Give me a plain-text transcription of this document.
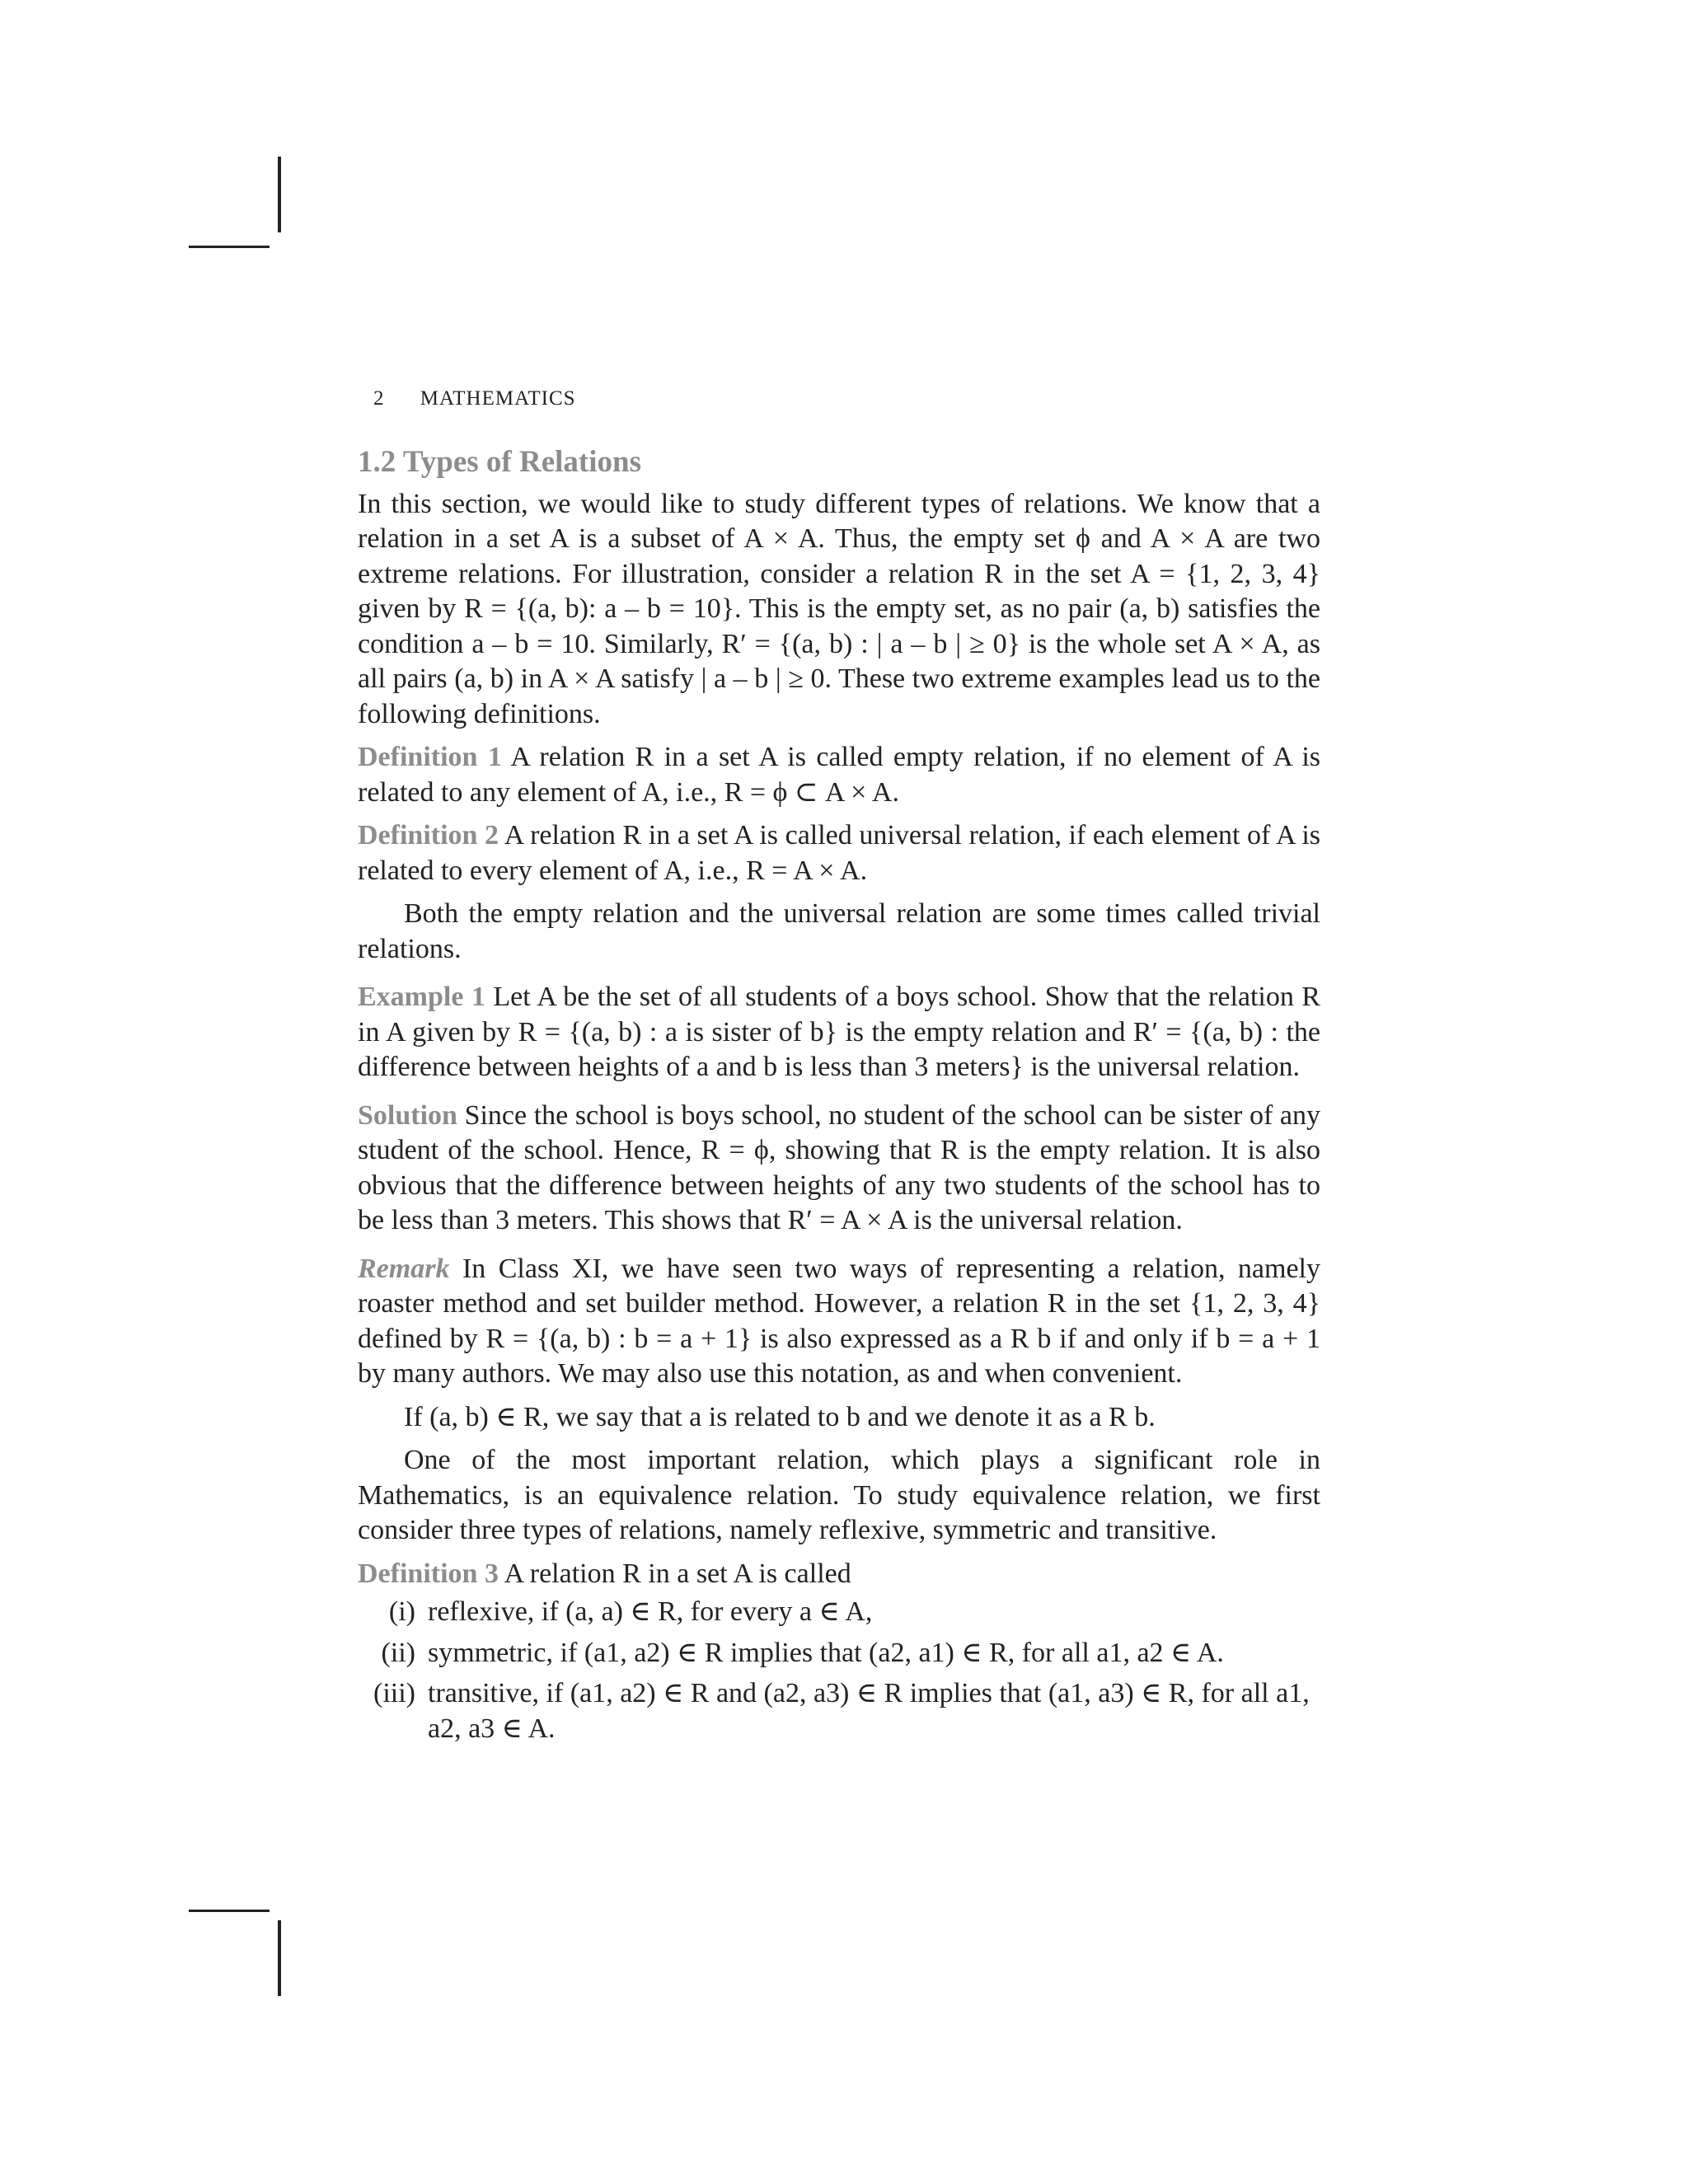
2 MATHEMATICS
1.2 Types of Relations

In this section, we would like to study different types of relations. We know that a relation in a set A is a subset of A × A. Thus, the empty set ϕ and A × A are two extreme relations. For illustration, consider a relation R in the set A = {1, 2, 3, 4} given by R = {(a, b): a – b = 10}. This is the empty set, as no pair (a, b) satisfies the condition a – b = 10. Similarly, R′ = {(a, b) : | a – b | ≥ 0} is the whole set A × A, as all pairs (a, b) in A × A satisfy | a – b | ≥ 0. These two extreme examples lead us to the following definitions.

Definition 1 A relation R in a set A is called empty relation, if no element of A is related to any element of A, i.e., R = ϕ ⊂ A × A.

Definition 2 A relation R in a set A is called universal relation, if each element of A is related to every element of A, i.e., R = A × A.

Both the empty relation and the universal relation are some times called trivial relations.

Example 1 Let A be the set of all students of a boys school. Show that the relation R in A given by R = {(a, b) : a is sister of b} is the empty relation and R′ = {(a, b) : the difference between heights of a and b is less than 3 meters} is the universal relation.

Solution Since the school is boys school, no student of the school can be sister of any student of the school. Hence, R = ϕ, showing that R is the empty relation. It is also obvious that the difference between heights of any two students of the school has to be less than 3 meters. This shows that R′ = A × A is the universal relation.

Remark In Class XI, we have seen two ways of representing a relation, namely roaster method and set builder method. However, a relation R in the set {1, 2, 3, 4} defined by R = {(a, b) : b = a + 1} is also expressed as a R b if and only if b = a + 1 by many authors. We may also use this notation, as and when convenient.

If (a, b) ∈ R, we say that a is related to b and we denote it as a R b.

One of the most important relation, which plays a significant role in Mathematics, is an equivalence relation. To study equivalence relation, we first consider three types of relations, namely reflexive, symmetric and transitive.

Definition 3 A relation R in a set A is called

(i) reflexive, if (a, a) ∈ R, for every a ∈ A,
(ii) symmetric, if (a1, a2) ∈ R implies that (a2, a1) ∈ R, for all a1, a2 ∈ A.
(iii) transitive, if (a1, a2) ∈ R and (a2, a3) ∈ R implies that (a1, a3) ∈ R, for all a1, a2, a3 ∈ A.
